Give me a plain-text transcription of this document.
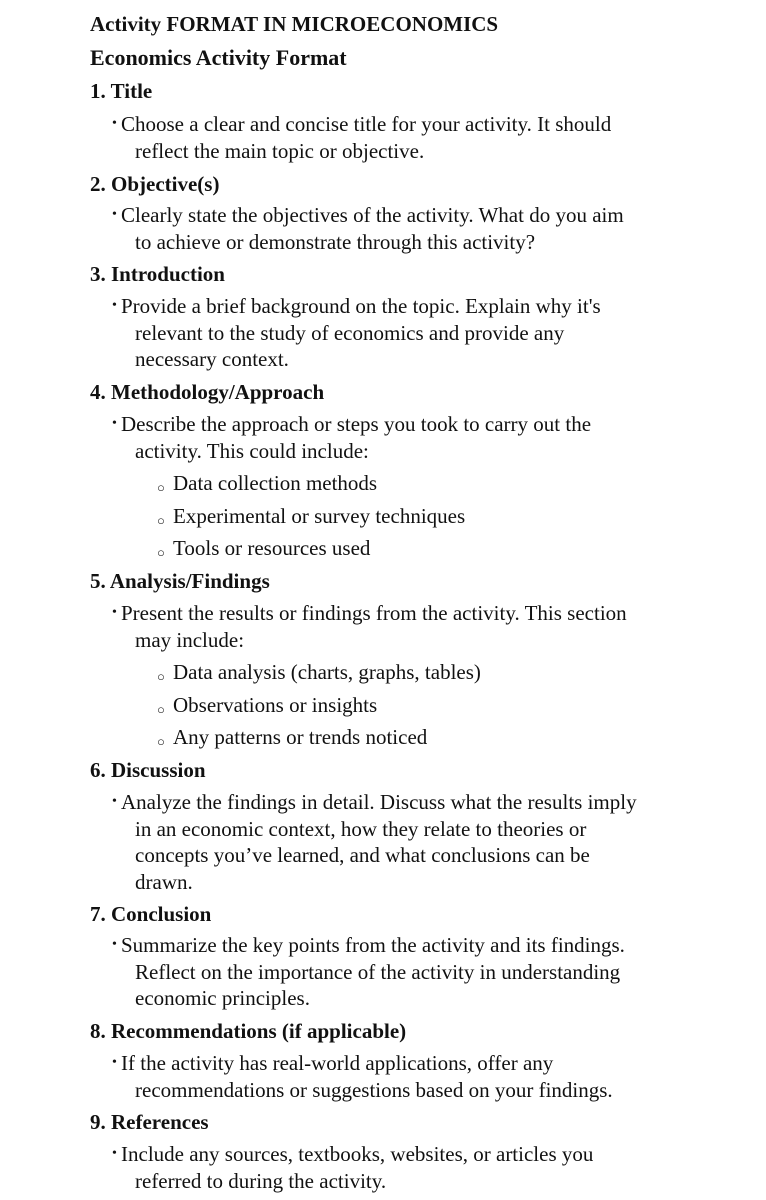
Activity FORMAT IN MICROECONOMICS
Economics Activity Format
1. Title
• Choose a clear and concise title for your activity. It should
reflect the main topic or objective.
2. Objective(s)
• Clearly state the objectives of the activity. What do you aim
to achieve or demonstrate through this activity?
3. Introduction
• Provide a brief background on the topic. Explain why it's
relevant to the study of economics and provide any
necessary context.
4. Methodology/Approach
• Describe the approach or steps you took to carry out the
activity. This could include:
○ Data collection methods
○ Experimental or survey techniques
○ Tools or resources used
5. Analysis/Findings
• Present the results or findings from the activity. This section
may include:
○ Data analysis (charts, graphs, tables)
○ Observations or insights
○ Any patterns or trends noticed
6. Discussion
• Analyze the findings in detail. Discuss what the results imply
in an economic context, how they relate to theories or
concepts you’ve learned, and what conclusions can be
drawn.
7. Conclusion
• Summarize the key points from the activity and its findings.
Reflect on the importance of the activity in understanding
economic principles.
8. Recommendations (if applicable)
• If the activity has real-world applications, offer any
recommendations or suggestions based on your findings.
9. References
• Include any sources, textbooks, websites, or articles you
referred to during the activity.
